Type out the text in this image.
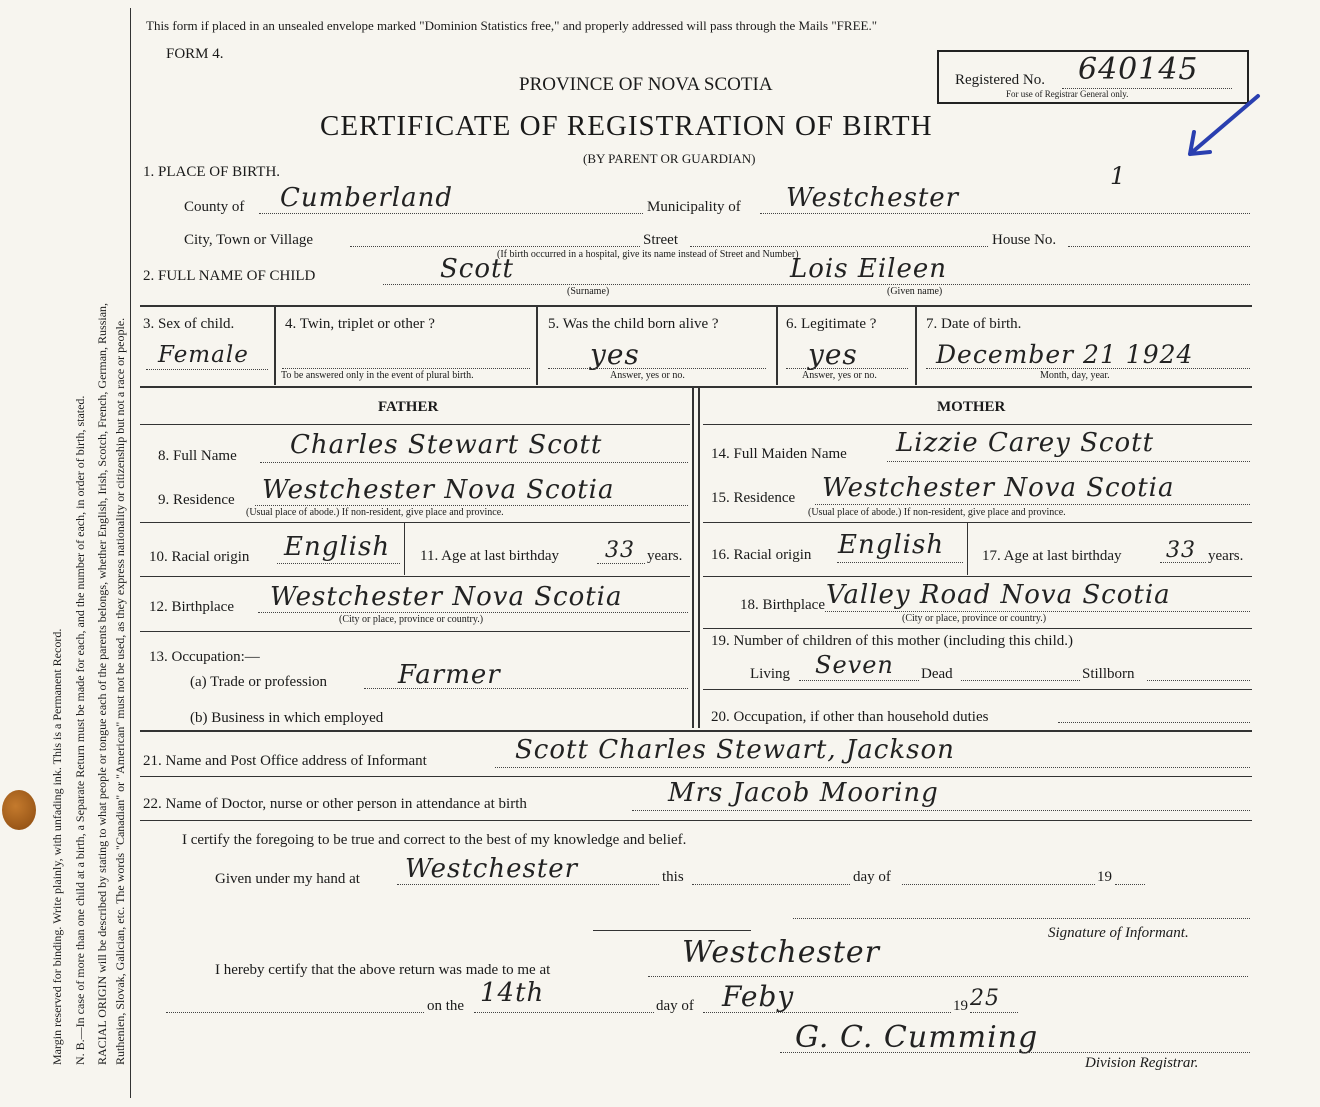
Margin reserved for binding. Write plainly, with unfading ink. This is a Permanent Record. N. B.—In case of more than one child at a birth, a Separate Return must be made for each, and the number of each, in order of birth, stated. RACIAL ORIGIN will be described by stating to what people or tongue each of the parents belongs, whether English, Irish, Scotch, French, German, Russian, Ruthenien, Slovak, Galician, etc. The words "Canadian" or "American" must not be used, as they express nationality or citizenship but not a race or people.
This form if placed in an unsealed envelope marked "Dominion Statistics free," and properly addressed will pass through the Mails "FREE."
FORM 4.
PROVINCE OF NOVA SCOTIA
CERTIFICATE OF REGISTRATION OF BIRTH
(BY PARENT OR GUARDIAN)
Registered No. 640145
For use of Registrar General only.
1
1. PLACE OF BIRTH.
County of Cumberland	Municipality of Westchester
City, Town or Village	Street	House No.
(If birth occurred in a hospital, give its name instead of Street and Number)
2. FULL NAME OF CHILD	Scott	Lois Eileen
(Surname)	(Given name)
3. Sex of child.
Female
4. Twin, triplet or other ?
To be answered only in the event of plural birth.
5. Was the child born alive ?
yes
Answer, yes or no.
6. Legitimate ?
yes
Answer, yes or no.
7. Date of birth.
December 21 1924
Month, day, year.
FATHER
8. Full Name Charles Stewart Scott
9. Residence Westchester Nova Scotia
(Usual place of abode.) If non-resident, give place and province.
10. Racial origin English 11. Age at last birthday 33 years.
12. Birthplace Westchester Nova Scotia
(City or place, province or country.)
13. Occupation:—
(a) Trade or profession	Farmer
(b) Business in which employed
MOTHER
14. Full Maiden Name Lizzie Carey Scott
15. Residence Westchester Nova Scotia
(Usual place of abode.) If non-resident, give place and province.
16. Racial origin English	17. Age at last birthday 33 years.
18. Birthplace Valley Road Nova Scotia
(City or place, province or country.)
19. Number of children of this mother (including this child.)
Living Seven Dead	Stillborn
20. Occupation, if other than household duties
21. Name and Post Office address of Informant	Scott Charles Stewart, Jackson
22. Name of Doctor, nurse or other person in attendance at birth	Mrs Jacob Mooring
I certify the foregoing to be true and correct to the best of my knowledge and belief.
Given under my hand at Westchester	this	day of	19
Signature of Informant.
I hereby certify that the above return was made to me at	Westchester
on the 14th	day of Feby	19 25
G. C. Cumming
Division Registrar.
